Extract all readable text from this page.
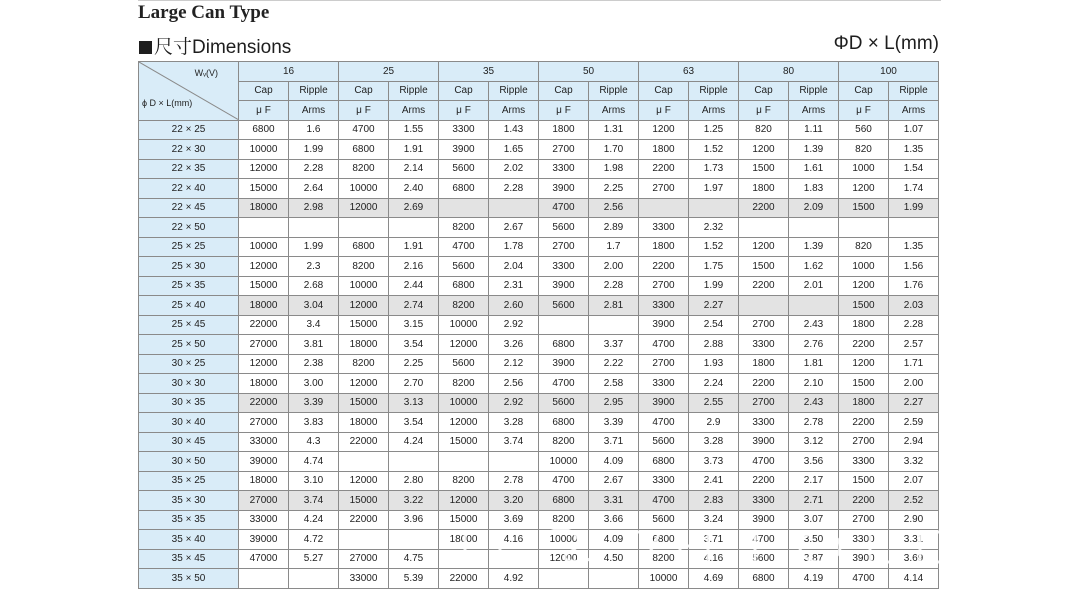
Large Can Type
尺寸Dimensions	ΦD × L(mm)
Wᵥ(V)
ϕ D × L(mm)	16		25		35		50		63		80		100	
	Cap	Ripple	Cap	Ripple	Cap	Ripple	Cap	Ripple	Cap	Ripple	Cap	Ripple	Cap	Ripple
	μ F	Arms	μ F	Arms	μ F	Arms	μ F	Arms	μ F	Arms	μ F	Arms	μ F	Arms
22 × 25	6800	1.6	4700	1.55	3300	1.43	1800	1.31	1200	1.25	820	1.11	560	1.07
22 × 30	10000	1.99	6800	1.91	3900	1.65	2700	1.70	1800	1.52	1200	1.39	820	1.35
22 × 35	12000	2.28	8200	2.14	5600	2.02	3300	1.98	2200	1.73	1500	1.61	1000	1.54
22 × 40	15000	2.64	10000	2.40	6800	2.28	3900	2.25	2700	1.97	1800	1.83	1200	1.74
22 × 45	18000	2.98	12000	2.69			4700	2.56			2200	2.09	1500	1.99
22 × 50					8200	2.67	5600	2.89	3300	2.32				
25 × 25	10000	1.99	6800	1.91	4700	1.78	2700	1.7	1800	1.52	1200	1.39	820	1.35
25 × 30	12000	2.3	8200	2.16	5600	2.04	3300	2.00	2200	1.75	1500	1.62	1000	1.56
25 × 35	15000	2.68	10000	2.44	6800	2.31	3900	2.28	2700	1.99	2200	2.01	1200	1.76
25 × 40	18000	3.04	12000	2.74	8200	2.60	5600	2.81	3300	2.27			1500	2.03
25 × 45	22000	3.4	15000	3.15	10000	2.92			3900	2.54	2700	2.43	1800	2.28
25 × 50	27000	3.81	18000	3.54	12000	3.26	6800	3.37	4700	2.88	3300	2.76	2200	2.57
30 × 25	12000	2.38	8200	2.25	5600	2.12	3900	2.22	2700	1.93	1800	1.81	1200	1.71
30 × 30	18000	3.00	12000	2.70	8200	2.56	4700	2.58	3300	2.24	2200	2.10	1500	2.00
30 × 35	22000	3.39	15000	3.13	10000	2.92	5600	2.95	3900	2.55	2700	2.43	1800	2.27
30 × 40	27000	3.83	18000	3.54	12000	3.28	6800	3.39	4700	2.9	3300	2.78	2200	2.59
30 × 45	33000	4.3	22000	4.24	15000	3.74	8200	3.71	5600	3.28	3900	3.12	2700	2.94
30 × 50	39000	4.74					10000	4.09	6800	3.73	4700	3.56	3300	3.32
35 × 25	18000	3.10	12000	2.80	8200	2.78	4700	2.67	3300	2.41	2200	2.17	1500	2.07
35 × 30	27000	3.74	15000	3.22	12000	3.20	6800	3.31	4700	2.83	3300	2.71	2200	2.52
35 × 35	33000	4.24	22000	3.96	15000	3.69	8200	3.66	5600	3.24	3900	3.07	2700	2.90
35 × 40	39000	4.72			18000	4.16	10000	4.09	6800	3.71	4700	3.50	3300	3.31
35 × 45	47000	5.27	27000	4.75			12000	4.50	8200	4.16	5600	3.87	3900	3.69
35 × 50			33000	5.39	22000	4.92			10000	4.69	6800	4.19	4700	4.14
